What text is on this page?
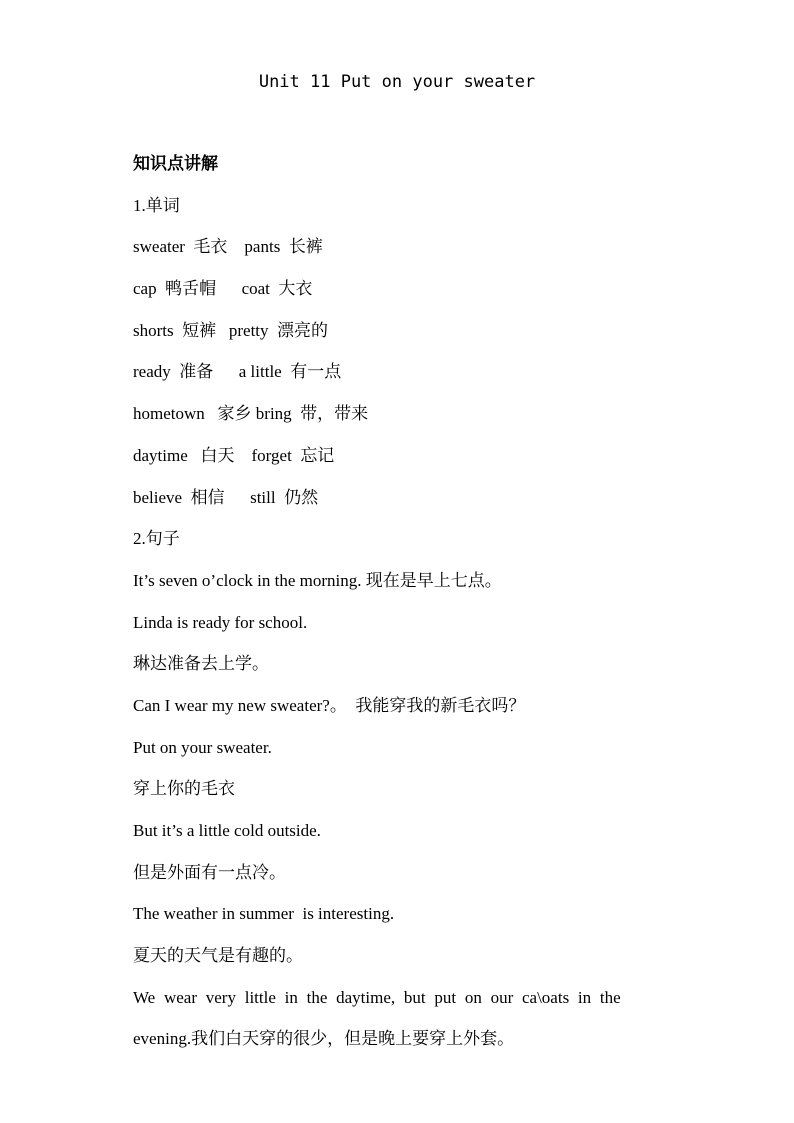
Unit 11 Put on your sweater
知识点讲解
1.单词
sweater 毛衣 pants 长裤
cap 鸭舌帽 coat 大衣
shorts 短裤 pretty 漂亮的
ready 准备 a little 有一点
hometown 家乡 bring 带，带来
daytime 白天 forget 忘记
believe 相信 still 仍然
2.句子
It’s seven o’clock in the morning. 现在是早上七点。
Linda is ready for school.
琳达准备去上学。
Can I wear my new sweater?。  我能穿我的新毛衣吗？
Put on your sweater.
穿上你的毛衣
But it’s a little cold outside.
但是外面有一点冷。
The weather in summer  is interesting.
夏天的天气是有趣的。
We wear very little in the daytime, but put on our ca\oats in the
evening.我们白天穿的很少，但是晚上要穿上外套。
